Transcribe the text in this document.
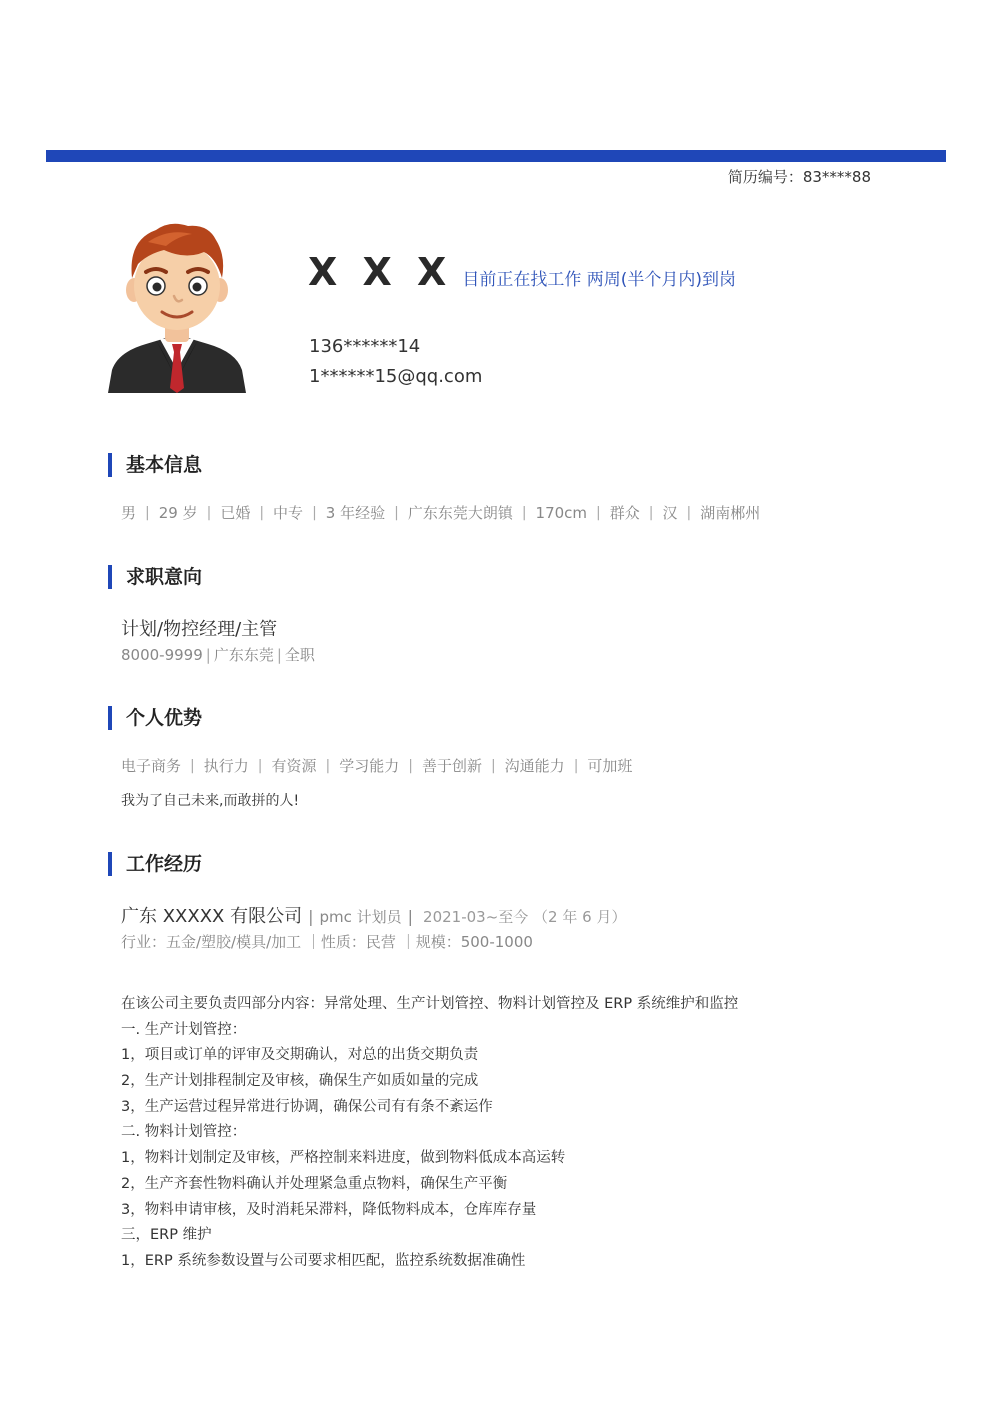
简历编号：83****88
X X X 目前正在找工作 两周(半个月内)到岗
136******14
1******15@qq.com
基本信息
男 | 29 岁 | 已婚 | 中专 | 3 年经验 | 广东东莞大朗镇 | 170cm | 群众 | 汉 | 湖南郴州
求职意向
计划/物控经理/主管
8000-9999 | 广东东莞 | 全职
个人优势
电子商务 | 执行力 | 有资源 | 学习能力 | 善于创新 | 沟通能力 | 可加班
我为了自己未来,而敢拼的人!
工作经历
广东 XXXXX 有限公司 | pmc 计划员 | 2021-03~至今 （2 年 6 月）
行业：五金/塑胶/模具/加工 ｜性质：民营 ｜规模：500-1000
在该公司主要负责四部分内容：异常处理、生产计划管控、物料计划管控及 ERP 系统维护和监控
一. 生产计划管控：
1，项目或订单的评审及交期确认，对总的出货交期负责
2，生产计划排程制定及审核，确保生产如质如量的完成
3，生产运营过程异常进行协调，确保公司有有条不紊运作
二. 物料计划管控：
1，物料计划制定及审核，严格控制来料进度，做到物料低成本高运转
2，生产齐套性物料确认并处理紧急重点物料，确保生产平衡
3，物料申请审核，及时消耗呆滞料，降低物料成本，仓库库存量
三，ERP 维护
1，ERP 系统参数设置与公司要求相匹配，监控系统数据准确性
